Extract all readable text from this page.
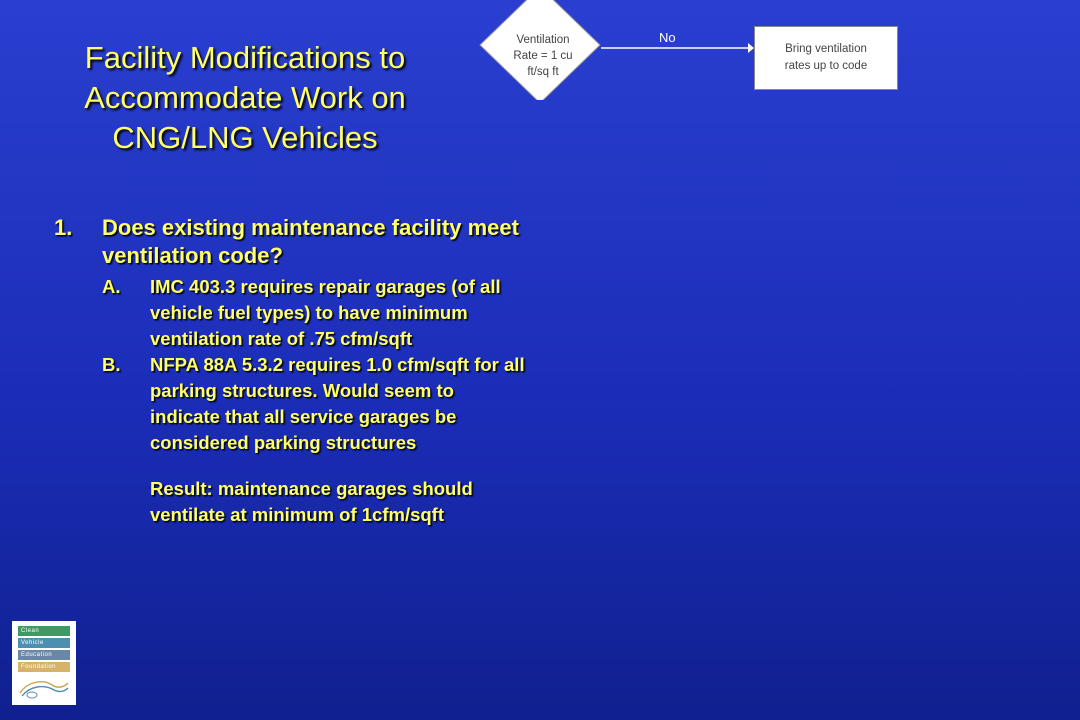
Facility Modifications to
Accommodate Work on
CNG/LNG Vehicles
Ventilation
Rate = 1 cu
ft/sq ft
No
Bring ventilation
rates up to code
1.	Does existing maintenance facility meet
ventilation code?
A.	IMC 403.3 requires repair garages (of all
vehicle fuel types) to have minimum
ventilation rate of .75 cfm/sqft
B.	NFPA 88A 5.3.2 requires 1.0 cfm/sqft for all
parking structures. Would seem to
indicate that all service garages be
considered parking structures
Result: maintenance garages should
ventilate at minimum of 1cfm/sqft
Clean
Vehicle
Education
Foundation
